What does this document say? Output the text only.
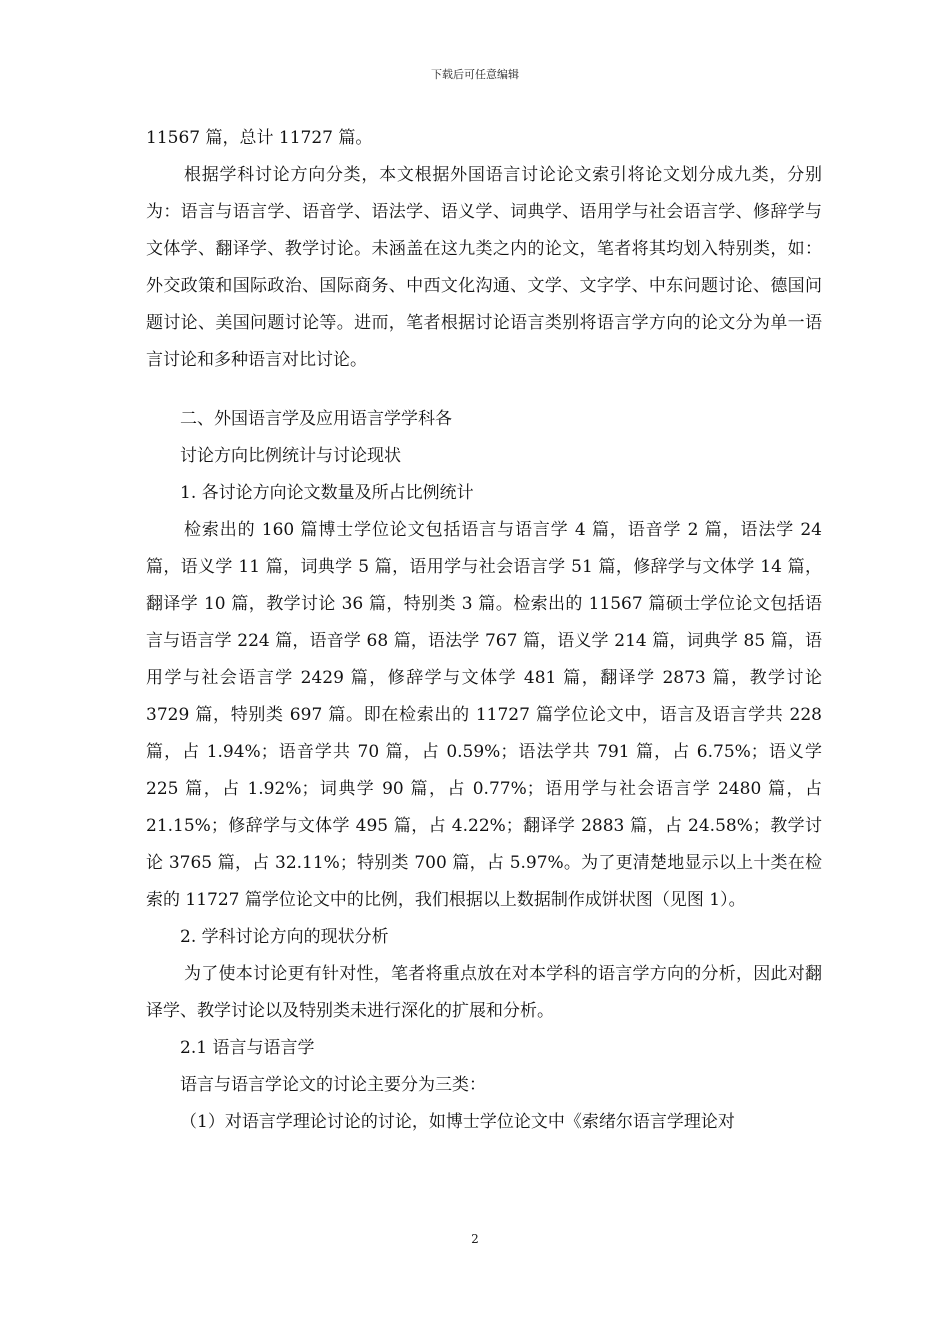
下载后可任意编辑

11567 篇，总计 11727 篇。

根据学科讨论方向分类，本文根据外国语言讨论论文索引将论文划分成九类，分别为：语言与语言学、语音学、语法学、语义学、词典学、语用学与社会语言学、修辞学与文体学、翻译学、教学讨论。未涵盖在这九类之内的论文，笔者将其均划入特别类，如：外交政策和国际政治、国际商务、中西文化沟通、文学、文字学、中东问题讨论、德国问题讨论、美国问题讨论等。进而，笔者根据讨论语言类别将语言学方向的论文分为单一语言讨论和多种语言对比讨论。

二、外国语言学及应用语言学学科各

讨论方向比例统计与讨论现状

1. 各讨论方向论文数量及所占比例统计

检索出的 160 篇博士学位论文包括语言与语言学 4 篇，语音学 2 篇，语法学 24 篇，语义学 11 篇，词典学 5 篇，语用学与社会语言学 51 篇，修辞学与文体学 14 篇，翻译学 10 篇，教学讨论 36 篇，特别类 3 篇。检索出的 11567 篇硕士学位论文包括语言与语言学 224 篇，语音学 68 篇，语法学 767 篇，语义学 214 篇，词典学 85 篇，语用学与社会语言学 2429 篇，修辞学与文体学 481 篇，翻译学 2873 篇，教学讨论 3729 篇，特别类 697 篇。即在检索出的 11727 篇学位论文中，语言及语言学共 228 篇，占 1.94%；语音学共 70 篇，占 0.59%；语法学共 791 篇，占 6.75%；语义学 225 篇，占 1.92%；词典学 90 篇，占 0.77%；语用学与社会语言学 2480 篇，占 21.15%；修辞学与文体学 495 篇，占 4.22%；翻译学 2883 篇，占 24.58%；教学讨论 3765 篇，占 32.11%；特别类 700 篇，占 5.97%。为了更清楚地显示以上十类在检索的 11727 篇学位论文中的比例，我们根据以上数据制作成饼状图（见图 1）。

2. 学科讨论方向的现状分析

为了使本讨论更有针对性，笔者将重点放在对本学科的语言学方向的分析，因此对翻译学、教学讨论以及特别类未进行深化的扩展和分析。

2.1 语言与语言学

语言与语言学论文的讨论主要分为三类：

（1）对语言学理论讨论的讨论，如博士学位论文中《索绪尔语言学理论对

2
